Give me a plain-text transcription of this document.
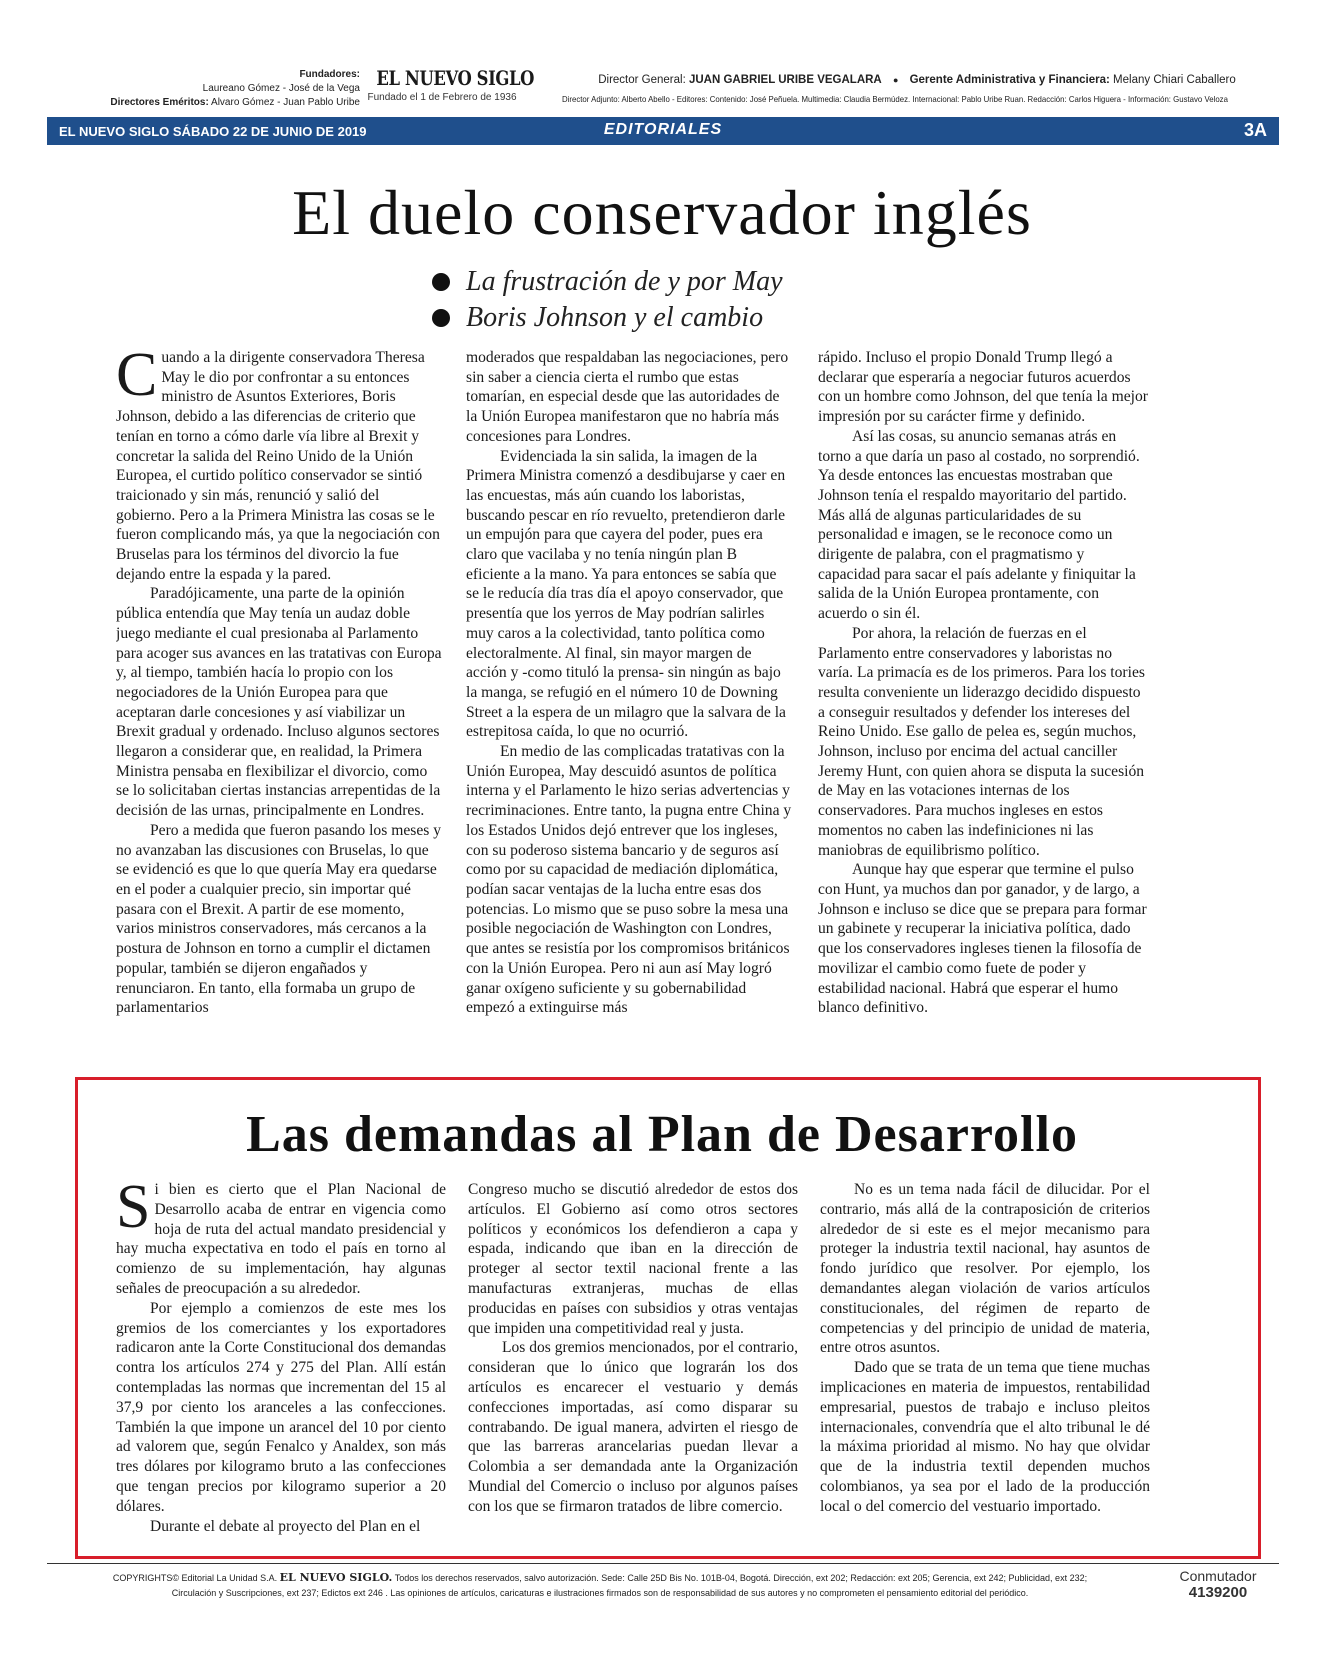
Fundadores:
Laureano Gómez - José de la Vega
Directores Eméritos: Alvaro Gómez - Juan Pablo Uribe
EL NUEVO SIGLO
Fundado el 1 de Febrero de 1936
Director General: JUAN GABRIEL URIBE VEGALARA ● Gerente Administrativa y Financiera: Melany Chiari Caballero
Director Adjunto: Alberto Abello - Editores: Contenido: José Peñuela. Multimedia: Claudia Bermúdez. Internacional: Pablo Uribe Ruan. Redacción: Carlos Higuera - Información: Gustavo Veloza
EL NUEVO SIGLO SÁBADO 22 DE JUNIO DE 2019	EDITORIALES	3A
El duelo conservador inglés
La frustración de y por May
Boris Johnson y el cambio

Cuando a la dirigente conservadora Theresa May le dio por confrontar a su entonces ministro de Asuntos Exteriores, Boris Johnson, debido a las diferencias de criterio que tenían en torno a cómo darle vía libre al Brexit y concretar la salida del Reino Unido de la Unión Europea, el curtido político conservador se sintió traicionado y sin más, renunció y salió del gobierno. Pero a la Primera Ministra las cosas se le fueron complicando más, ya que la negociación con Bruselas para los términos del divorcio la fue dejando entre la espada y la pared.

Paradójicamente, una parte de la opinión pública entendía que May tenía un audaz doble juego mediante el cual presionaba al Parlamento para acoger sus avances en las tratativas con Europa y, al tiempo, también hacía lo propio con los negociadores de la Unión Europea para que aceptaran darle concesiones y así viabilizar un Brexit gradual y ordenado. Incluso algunos sectores llegaron a considerar que, en realidad, la Primera Ministra pensaba en flexibilizar el divorcio, como se lo solicitaban ciertas instancias arrepentidas de la decisión de las urnas, principalmente en Londres.

Pero a medida que fueron pasando los meses y no avanzaban las discusiones con Bruselas, lo que se evidenció es que lo que quería May era quedarse en el poder a cualquier precio, sin importar qué pasara con el Brexit. A partir de ese momento, varios ministros conservadores, más cercanos a la postura de Johnson en torno a cumplir el dictamen popular, también se dijeron engañados y renunciaron. En tanto, ella formaba un grupo de parlamentarios

moderados que respaldaban las negociaciones, pero sin saber a ciencia cierta el rumbo que estas tomarían, en especial desde que las autoridades de la Unión Europea manifestaron que no habría más concesiones para Londres.

Evidenciada la sin salida, la imagen de la Primera Ministra comenzó a desdibujarse y caer en las encuestas, más aún cuando los laboristas, buscando pescar en río revuelto, pretendieron darle un empujón para que cayera del poder, pues era claro que vacilaba y no tenía ningún plan B eficiente a la mano. Ya para entonces se sabía que se le reducía día tras día el apoyo conservador, que presentía que los yerros de May podrían salirles muy caros a la colectividad, tanto política como electoralmente. Al final, sin mayor margen de acción y -como tituló la prensa- sin ningún as bajo la manga, se refugió en el número 10 de Downing Street a la espera de un milagro que la salvara de la estrepitosa caída, lo que no ocurrió.

En medio de las complicadas tratativas con la Unión Europea, May descuidó asuntos de política interna y el Parlamento le hizo serias advertencias y recriminaciones. Entre tanto, la pugna entre China y los Estados Unidos dejó entrever que los ingleses, con su poderoso sistema bancario y de seguros así como por su capacidad de mediación diplomática, podían sacar ventajas de la lucha entre esas dos potencias. Lo mismo que se puso sobre la mesa una posible negociación de Washington con Londres, que antes se resistía por los compromisos británicos con la Unión Europea. Pero ni aun así May logró ganar oxígeno suficiente y su gobernabilidad empezó a extinguirse más

rápido. Incluso el propio Donald Trump llegó a declarar que esperaría a negociar futuros acuerdos con un hombre como Johnson, del que tenía la mejor impresión por su carácter firme y definido.

Así las cosas, su anuncio semanas atrás en torno a que daría un paso al costado, no sorprendió. Ya desde entonces las encuestas mostraban que Johnson tenía el respaldo mayoritario del partido. Más allá de algunas particularidades de su personalidad e imagen, se le reconoce como un dirigente de palabra, con el pragmatismo y capacidad para sacar el país adelante y finiquitar la salida de la Unión Europea prontamente, con acuerdo o sin él.

Por ahora, la relación de fuerzas en el Parlamento entre conservadores y laboristas no varía. La primacía es de los primeros. Para los tories resulta conveniente un liderazgo decidido dispuesto a conseguir resultados y defender los intereses del Reino Unido. Ese gallo de pelea es, según muchos, Johnson, incluso por encima del actual canciller Jeremy Hunt, con quien ahora se disputa la sucesión de May en las votaciones internas de los conservadores. Para muchos ingleses en estos momentos no caben las indefiniciones ni las maniobras de equilibrismo político.

Aunque hay que esperar que termine el pulso con Hunt, ya muchos dan por ganador, y de largo, a Johnson e incluso se dice que se prepara para formar un gabinete y recuperar la iniciativa política, dado que los conservadores ingleses tienen la filosofía de movilizar el cambio como fuete de poder y estabilidad nacional. Habrá que esperar el humo blanco definitivo.

Las demandas al Plan de Desarrollo

Si bien es cierto que el Plan Nacional de Desarrollo acaba de entrar en vigencia como hoja de ruta del actual mandato presidencial y hay mucha expectativa en todo el país en torno al comienzo de su implementación, hay algunas señales de preocupación a su alrededor.

Por ejemplo a comienzos de este mes los gremios de los comerciantes y los exportadores radicaron ante la Corte Constitucional dos demandas contra los artículos 274 y 275 del Plan. Allí están contempladas las normas que incrementan del 15 al 37,9 por ciento los aranceles a las confecciones. También la que impone un arancel del 10 por ciento ad valorem que, según Fenalco y Analdex, son más tres dólares por kilogramo bruto a las confecciones que tengan precios por kilogramo superior a 20 dólares.

Durante el debate al proyecto del Plan en el

Congreso mucho se discutió alrededor de estos dos artículos. El Gobierno así como otros sectores políticos y económicos los defendieron a capa y espada, indicando que iban en la dirección de proteger al sector textil nacional frente a las manufacturas extranjeras, muchas de ellas producidas en países con subsidios y otras ventajas que impiden una competitividad real y justa.

Los dos gremios mencionados, por el contrario, consideran que lo único que lograrán los dos artículos es encarecer el vestuario y demás confecciones importadas, así como disparar su contrabando. De igual manera, advirten el riesgo de que las barreras arancelarias puedan llevar a Colombia a ser demandada ante la Organización Mundial del Comercio o incluso por algunos países con los que se firmaron tratados de libre comercio.

No es un tema nada fácil de dilucidar. Por el contrario, más allá de la contraposición de criterios alrededor de si este es el mejor mecanismo para proteger la industria textil nacional, hay asuntos de fondo jurídico que resolver. Por ejemplo, los demandantes alegan violación de varios artículos constitucionales, del régimen de reparto de competencias y del principio de unidad de materia, entre otros asuntos.

Dado que se trata de un tema que tiene muchas implicaciones en materia de impuestos, rentabilidad empresarial, puestos de trabajo e incluso pleitos internacionales, convendría que el alto tribunal le dé la máxima prioridad al mismo. No hay que olvidar que de la industria textil dependen muchos colombianos, ya sea por el lado de la producción local o del comercio del vestuario importado.

COPYRIGHTS© Editorial La Unidad S.A. EL NUEVO SIGLO. Todos los derechos reservados, salvo autorización. Sede: Calle 25D Bis No. 101B-04, Bogotá. Dirección, ext 202; Redacción: ext 205; Gerencia, ext 242; Publicidad, ext 232;
Circulación y Suscripciones, ext 237; Edictos ext 246 . Las opiniones de artículos, caricaturas e ilustraciones firmados son de responsabilidad de sus autores y no comprometen el pensamiento editorial del periódico.
Conmutador
4139200
